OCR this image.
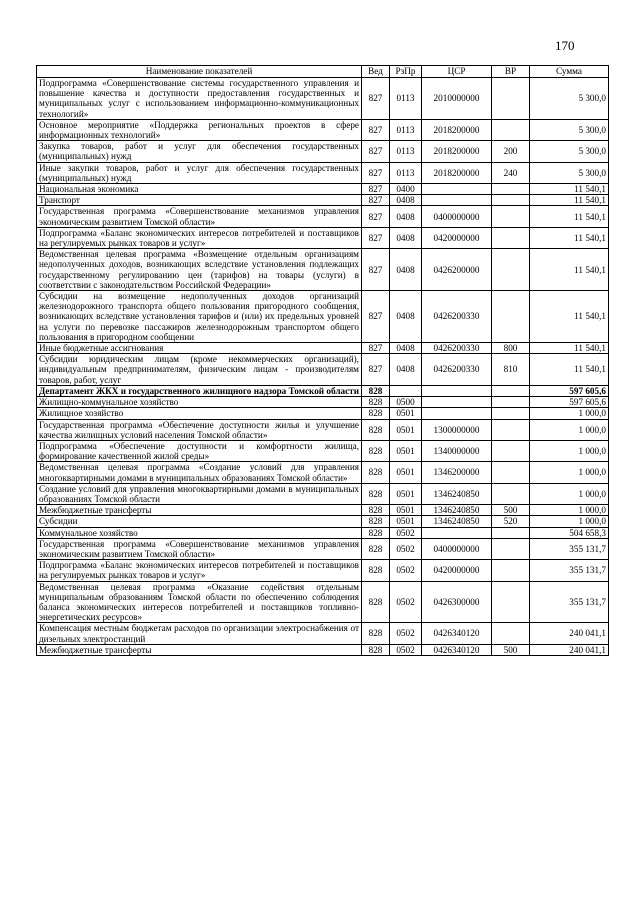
170
Наименование показателей	Вед	РзПр	ЦСР	ВР	Сумма
Подпрограмма «Совершенствование системы государственного управления и повышение качества и доступности предоставления государственных и муниципальных услуг с использованием информационно-коммуникационных технологий»	827	0113	2010000000		5 300,0
Основное мероприятие «Поддержка региональных проектов в сфере информационных технологий»	827	0113	2018200000		5 300,0
Закупка товаров, работ и услуг для обеспечения государственных (муниципальных) нужд	827	0113	2018200000	200	5 300,0
Иные закупки товаров, работ и услуг для обеспечения государственных (муниципальных) нужд	827	0113	2018200000	240	5 300,0
Национальная экономика	827	0400			11 540,1
Транспорт	827	0408			11 540,1
Государственная программа «Совершенствование механизмов управления экономическим развитием Томской области»	827	0408	0400000000		11 540,1
Подпрограмма «Баланс экономических интересов потребителей и поставщиков на регулируемых рынках товаров и услуг»	827	0408	0420000000		11 540,1
Ведомственная целевая программа «Возмещение отдельным организациям недополученных доходов, возникающих вследствие установления подлежащих государственному регулированию цен (тарифов) на товары (услуги) в соответствии с законодательством Российской Федерации»	827	0408	0426200000		11 540,1
Субсидии на возмещение недополученных доходов организаций железнодорожного транспорта общего пользования пригородного сообщения, возникающих вследствие установления тарифов и (или) их предельных уровней на услуги по перевозке пассажиров железнодорожным транспортом общего пользования в пригородном сообщении	827	0408	0426200330		11 540,1
Иные бюджетные ассигнования	827	0408	0426200330	800	11 540,1
Субсидии юридическим лицам (кроме некоммерческих организаций), индивидуальным предпринимателям, физическим лицам - производителям товаров, работ, услуг	827	0408	0426200330	810	11 540,1
Департамент ЖКХ и государственного жилищного надзора Томской области	828				597 605,6
Жилищно-коммунальное хозяйство	828	0500			597 605,6
Жилищное хозяйство	828	0501			1 000,0
Государственная программа «Обеспечение доступности жилья и улучшение качества жилищных условий населения Томской области»	828	0501	1300000000		1 000,0
Подпрограмма «Обеспечение доступности и комфортности жилища, формирование качественной жилой среды»	828	0501	1340000000		1 000,0
Ведомственная целевая программа «Создание условий для управления многоквартирными домами в муниципальных образованиях Томской области»	828	0501	1346200000		1 000,0
Создание условий для управления многоквартирными домами в муниципальных образованиях Томской области	828	0501	1346240850		1 000,0
Межбюджетные трансферты	828	0501	1346240850	500	1 000,0
Субсидии	828	0501	1346240850	520	1 000,0
Коммунальное хозяйство	828	0502			504 658,3
Государственная программа «Совершенствование механизмов управления экономическим развитием Томской области»	828	0502	0400000000		355 131,7
Подпрограмма «Баланс экономических интересов потребителей и поставщиков на регулируемых рынках товаров и услуг»	828	0502	0420000000		355 131,7
Ведомственная целевая программа «Оказание содействия отдельным муниципальным образованиям Томской области по обеспечению соблюдения баланса экономических интересов потребителей и поставщиков топливно-энергетических ресурсов»	828	0502	0426300000		355 131,7
Компенсация местным бюджетам расходов по организации электроснабжения от дизельных электростанций	828	0502	0426340120		240 041,1
Межбюджетные трансферты	828	0502	0426340120	500	240 041,1
